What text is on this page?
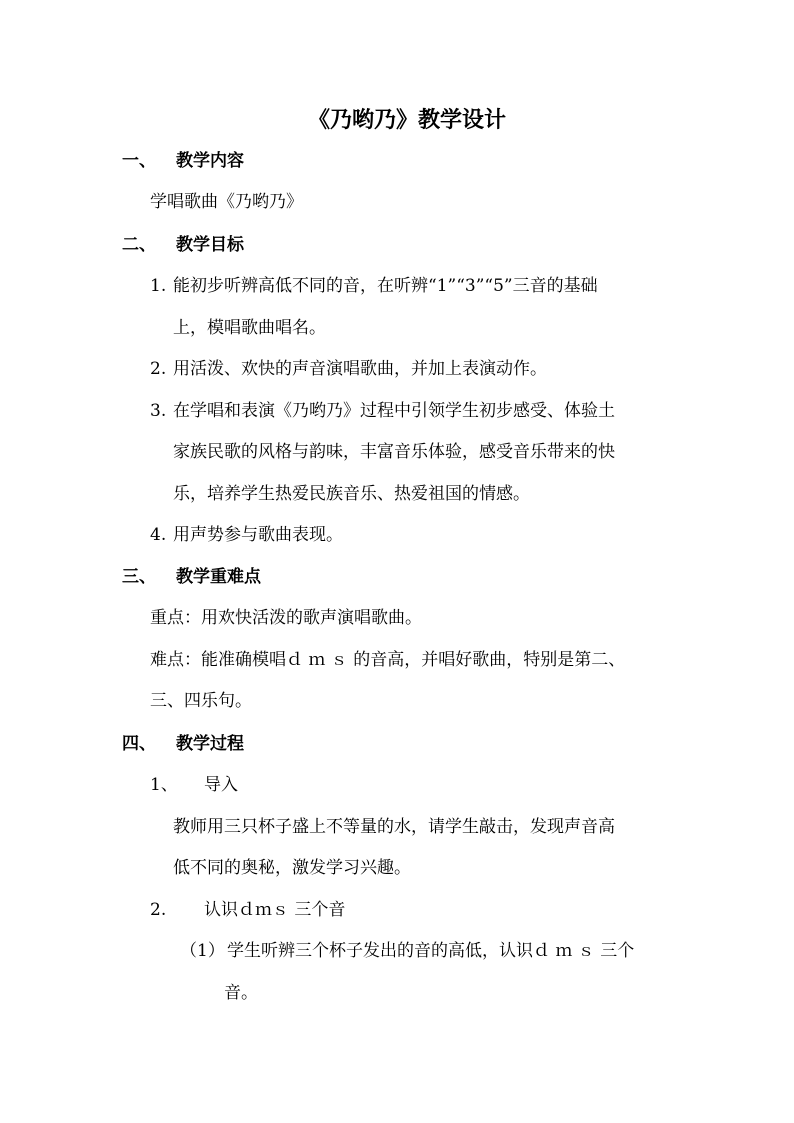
《乃哟乃》教学设计
一、 教学内容
学唱歌曲《乃哟乃》
二、 教学目标
1. 能初步听辨高低不同的音，在听辨“1”“3”“5”三音的基础
上，模唱歌曲唱名。
2. 用活泼、欢快的声音演唱歌曲，并加上表演动作。
3. 在学唱和表演《乃哟乃》过程中引领学生初步感受、体验土
家族民歌的风格与韵味，丰富音乐体验，感受音乐带来的快
乐，培养学生热爱民族音乐、热爱祖国的情感。
4. 用声势参与歌曲表现。
三、 教学重难点
重点：用欢快活泼的歌声演唱歌曲。
难点：能准确模唱ｄ ｍ ｓ 的音高，并唱好歌曲，特别是第二、
三、四乐句。
四、 教学过程
1、 导入
教师用三只杯子盛上不等量的水，请学生敲击，发现声音高
低不同的奥秘，激发学习兴趣。
2. 认识ｄｍｓ 三个音
（1） 学生听辨三个杯子发出的音的高低，认识ｄ ｍ ｓ 三个
音。
